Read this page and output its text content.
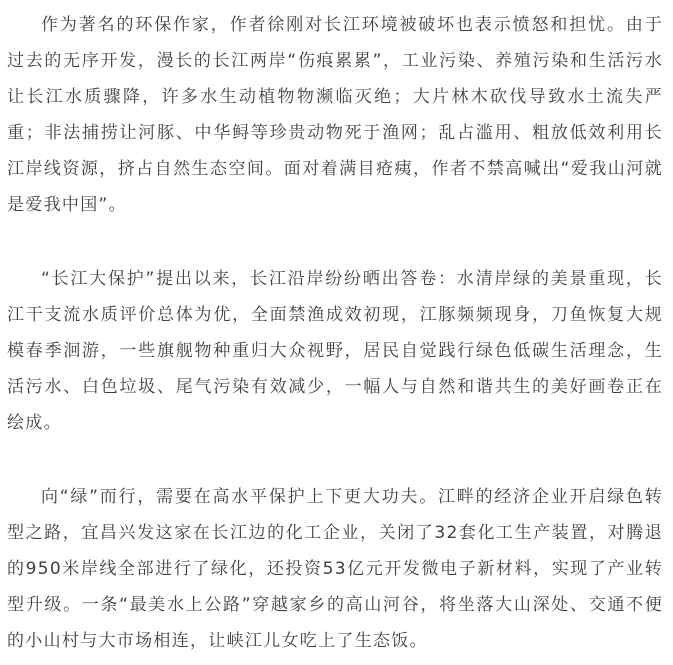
作为著名的环保作家，作者徐刚对长江环境被破坏也表示愤怒和担忧。由于过去的无序开发，漫长的长江两岸“伤痕累累”，工业污染、养殖污染和生活污水让长江水质骤降，许多水生动植物物濒临灭绝；大片林木砍伐导致水土流失严重；非法捕捞让河豚、中华鲟等珍贵动物死于渔网；乱占滥用、粗放低效利用长江岸线资源，挤占自然生态空间。面对着满目疮痍，作者不禁高喊出“爱我山河就是爱我中国”。

“长江大保护”提出以来，长江沿岸纷纷晒出答卷：水清岸绿的美景重现，长江干支流水质评价总体为优，全面禁渔成效初现，江豚频频现身，刀鱼恢复大规模春季洄游，一些旗舰物种重归大众视野，居民自觉践行绿色低碳生活理念，生活污水、白色垃圾、尾气污染有效减少，一幅人与自然和谐共生的美好画卷正在绘成。

向“绿”而行，需要在高水平保护上下更大功夫。江畔的经济企业开启绿色转型之路，宜昌兴发这家在长江边的化工企业，关闭了32套化工生产装置，对腾退的950米岸线全部进行了绿化，还投资53亿元开发微电子新材料，实现了产业转型升级。一条“最美水上公路”穿越家乡的高山河谷，将坐落大山深处、交通不便的小山村与大市场相连，让峡江儿女吃上了生态饭。
